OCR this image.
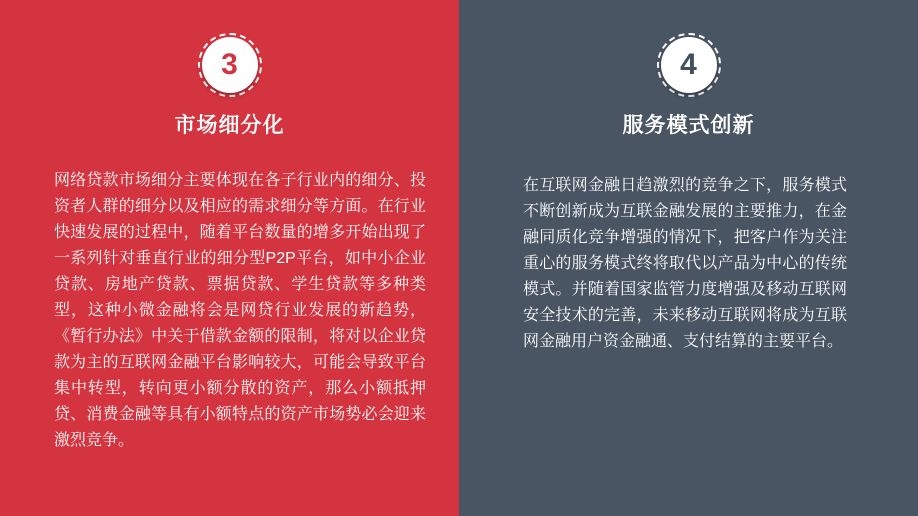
3
市场细分化

网络贷款市场细分主要体现在各子行业内的细分、投资者人群的细分以及相应的需求细分等方面。在行业快速发展的过程中，随着平台数量的增多开始出现了一系列针对垂直行业的细分型P2P平台，如中小企业贷款、房地产贷款、票据贷款、学生贷款等多种类型，这种小微金融将会是网贷行业发展的新趋势，《暂行办法》中关于借款金额的限制，将对以企业贷款为主的互联网金融平台影响较大，可能会导致平台集中转型，转向更小额分散的资产，那么小额抵押贷、消费金融等具有小额特点的资产市场势必会迎来激烈竞争。

4
服务模式创新

在互联网金融日趋激烈的竞争之下，服务模式不断创新成为互联金融发展的主要推力，在金融同质化竞争增强的情况下，把客户作为关注重心的服务模式终将取代以产品为中心的传统模式。并随着国家监管力度增强及移动互联网安全技术的完善，未来移动互联网将成为互联网金融用户资金融通、支付结算的主要平台。
